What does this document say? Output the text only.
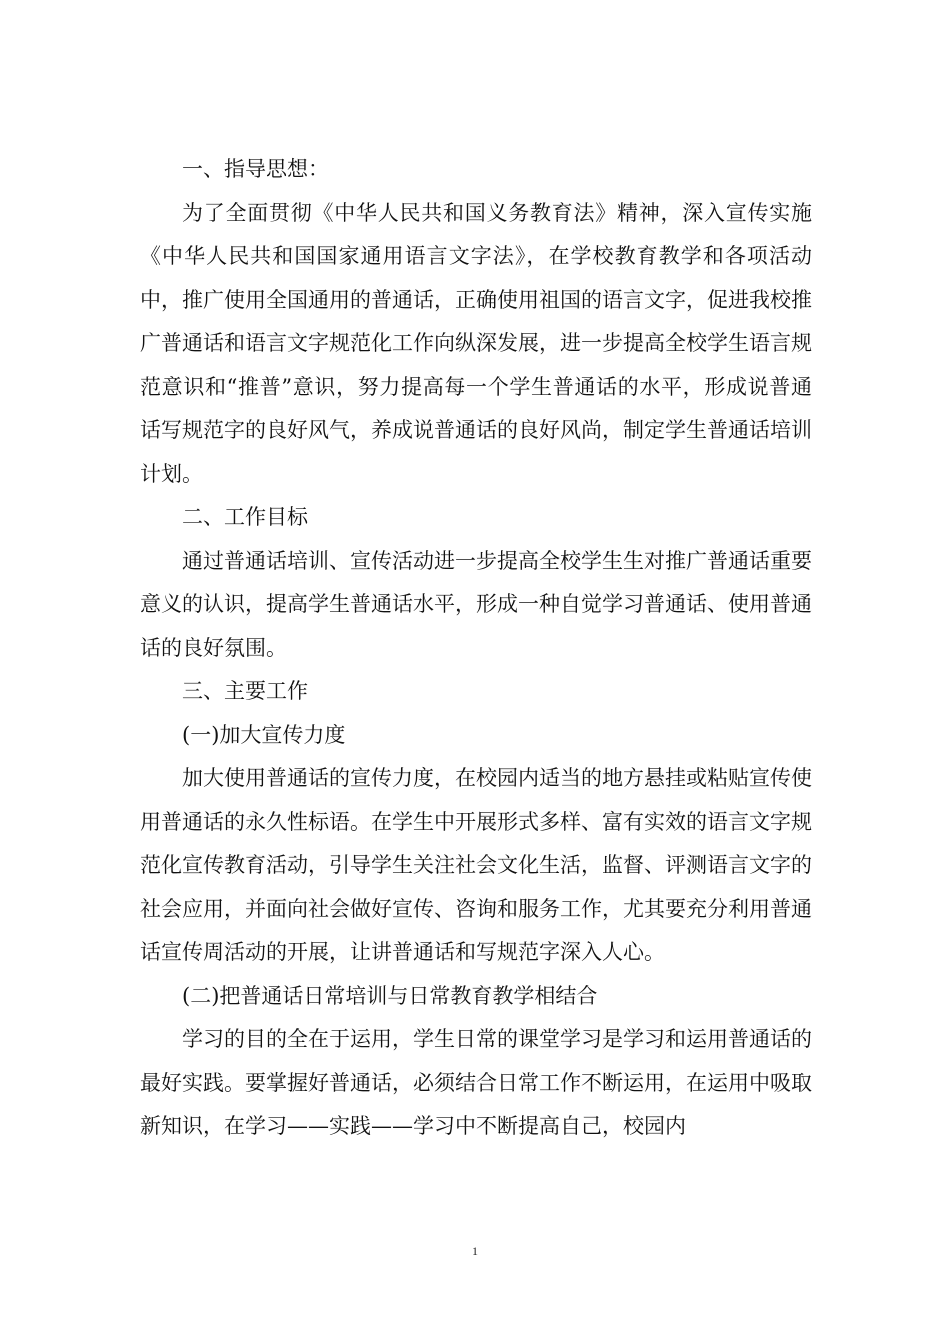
一、指导思想：

为了全面贯彻《中华人民共和国义务教育法》精神，深入宣传实施《中华人民共和国国家通用语言文字法》，在学校教育教学和各项活动中，推广使用全国通用的普通话，正确使用祖国的语言文字，促进我校推广普通话和语言文字规范化工作向纵深发展，进一步提高全校学生语言规范意识和“推普”意识，努力提高每一个学生普通话的水平，形成说普通话写规范字的良好风气，养成说普通话的良好风尚，制定学生普通话培训计划。

二、工作目标

通过普通话培训、宣传活动进一步提高全校学生生对推广普通话重要意义的认识，提高学生普通话水平，形成一种自觉学习普通话、使用普通话的良好氛围。

三、主要工作

(一)加大宣传力度

加大使用普通话的宣传力度，在校园内适当的地方悬挂或粘贴宣传使用普通话的永久性标语。在学生中开展形式多样、富有实效的语言文字规范化宣传教育活动，引导学生关注社会文化生活，监督、评测语言文字的社会应用，并面向社会做好宣传、咨询和服务工作，尤其要充分利用普通话宣传周活动的开展，让讲普通话和写规范字深入人心。

(二)把普通话日常培训与日常教育教学相结合

学习的目的全在于运用，学生日常的课堂学习是学习和运用普通话的最好实践。要掌握好普通话，必须结合日常工作不断运用，在运用中吸取新知识，在学习——实践——学习中不断提高自己，校园内

1
